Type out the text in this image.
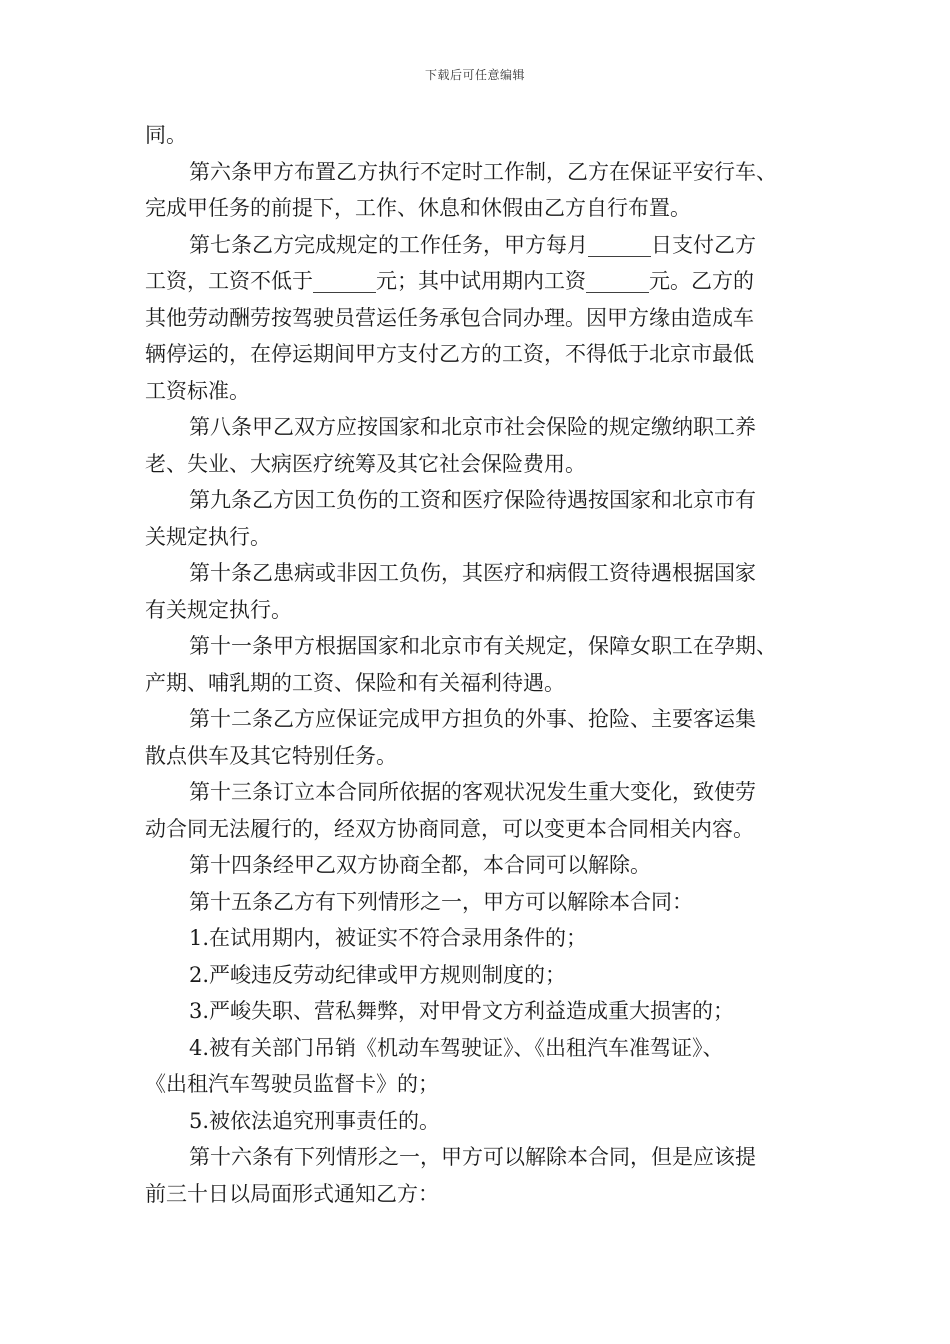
下载后可任意编辑

同。

第六条甲方布置乙方执行不定时工作制，乙方在保证平安行车、

完成甲任务的前提下，工作、休息和休假由乙方自行布置。

第七条乙方完成规定的工作任务，甲方每月______日支付乙方

工资，工资不低于______元；其中试用期内工资______元。乙方的

其他劳动酬劳按驾驶员营运任务承包合同办理。因甲方缘由造成车

辆停运的，在停运期间甲方支付乙方的工资，不得低于北京市最低

工资标准。

第八条甲乙双方应按国家和北京市社会保险的规定缴纳职工养

老、失业、大病医疗统筹及其它社会保险费用。

第九条乙方因工负伤的工资和医疗保险待遇按国家和北京市有

关规定执行。

第十条乙患病或非因工负伤，其医疗和病假工资待遇根据国家

有关规定执行。

第十一条甲方根据国家和北京市有关规定，保障女职工在孕期、

产期、哺乳期的工资、保险和有关福利待遇。

第十二条乙方应保证完成甲方担负的外事、抢险、主要客运集

散点供车及其它特别任务。

第十三条订立本合同所依据的客观状况发生重大变化，致使劳

动合同无法履行的，经双方协商同意，可以变更本合同相关内容。

第十四条经甲乙双方协商全都，本合同可以解除。

第十五条乙方有下列情形之一，甲方可以解除本合同：

1.在试用期内，被证实不符合录用条件的；

2.严峻违反劳动纪律或甲方规则制度的；

3.严峻失职、营私舞弊，对甲骨文方利益造成重大损害的；

4.被有关部门吊销《机动车驾驶证》、《出租汽车准驾证》、

《出租汽车驾驶员监督卡》的；

5.被依法追究刑事责任的。

第十六条有下列情形之一，甲方可以解除本合同，但是应该提

前三十日以局面形式通知乙方：
